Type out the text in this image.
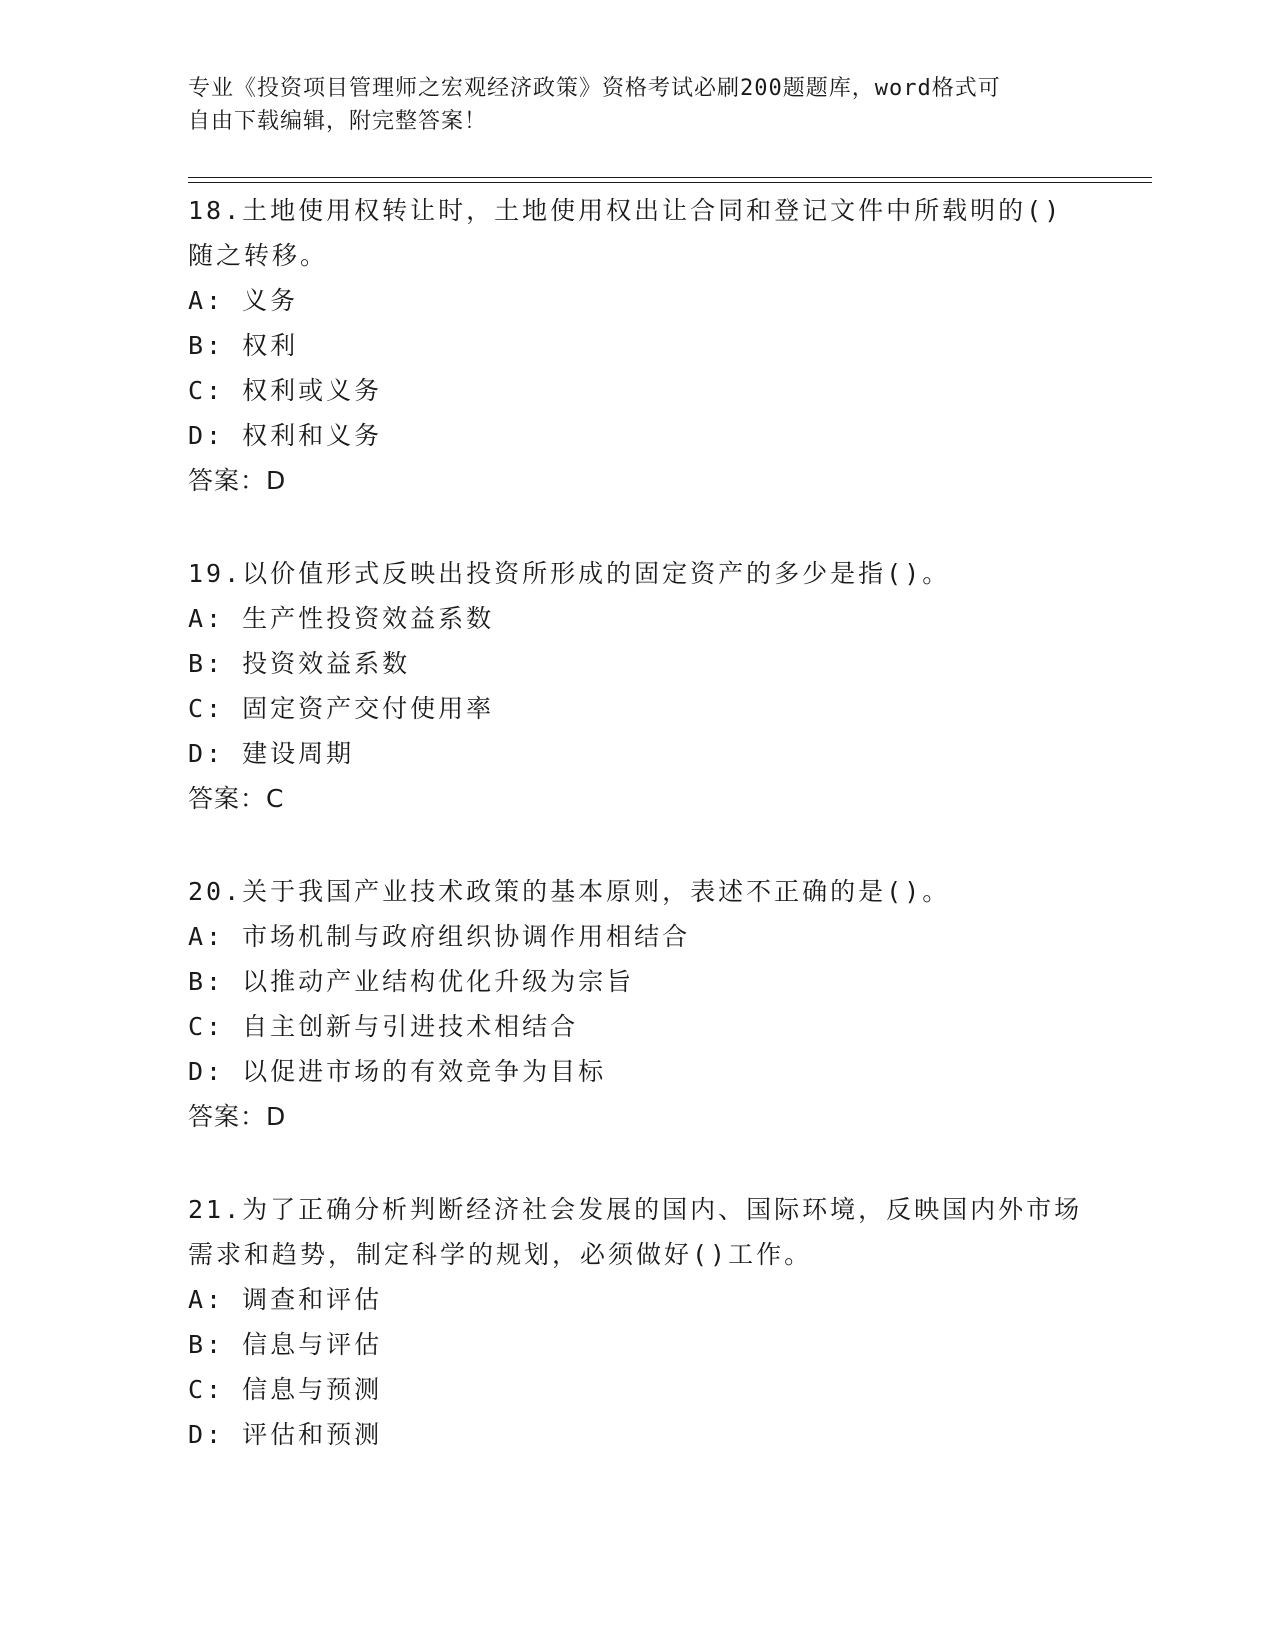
专业《投资项目管理师之宏观经济政策》资格考试必刷200题题库，word格式可
自由下载编辑，附完整答案！

18.土地使用权转让时，土地使用权出让合同和登记文件中所载明的()随之转移。

A: 义务
B: 权利
C: 权利或义务
D: 权利和义务
答案：D

19.以价值形式反映出投资所形成的固定资产的多少是指()。

A: 生产性投资效益系数
B: 投资效益系数
C: 固定资产交付使用率
D: 建设周期
答案：C

20.关于我国产业技术政策的基本原则，表述不正确的是()。

A: 市场机制与政府组织协调作用相结合
B: 以推动产业结构优化升级为宗旨
C: 自主创新与引进技术相结合
D: 以促进市场的有效竞争为目标
答案：D

21.为了正确分析判断经济社会发展的国内、国际环境，反映国内外市场需求和趋势，制定科学的规划，必须做好()工作。

A: 调查和评估
B: 信息与评估
C: 信息与预测
D: 评估和预测
